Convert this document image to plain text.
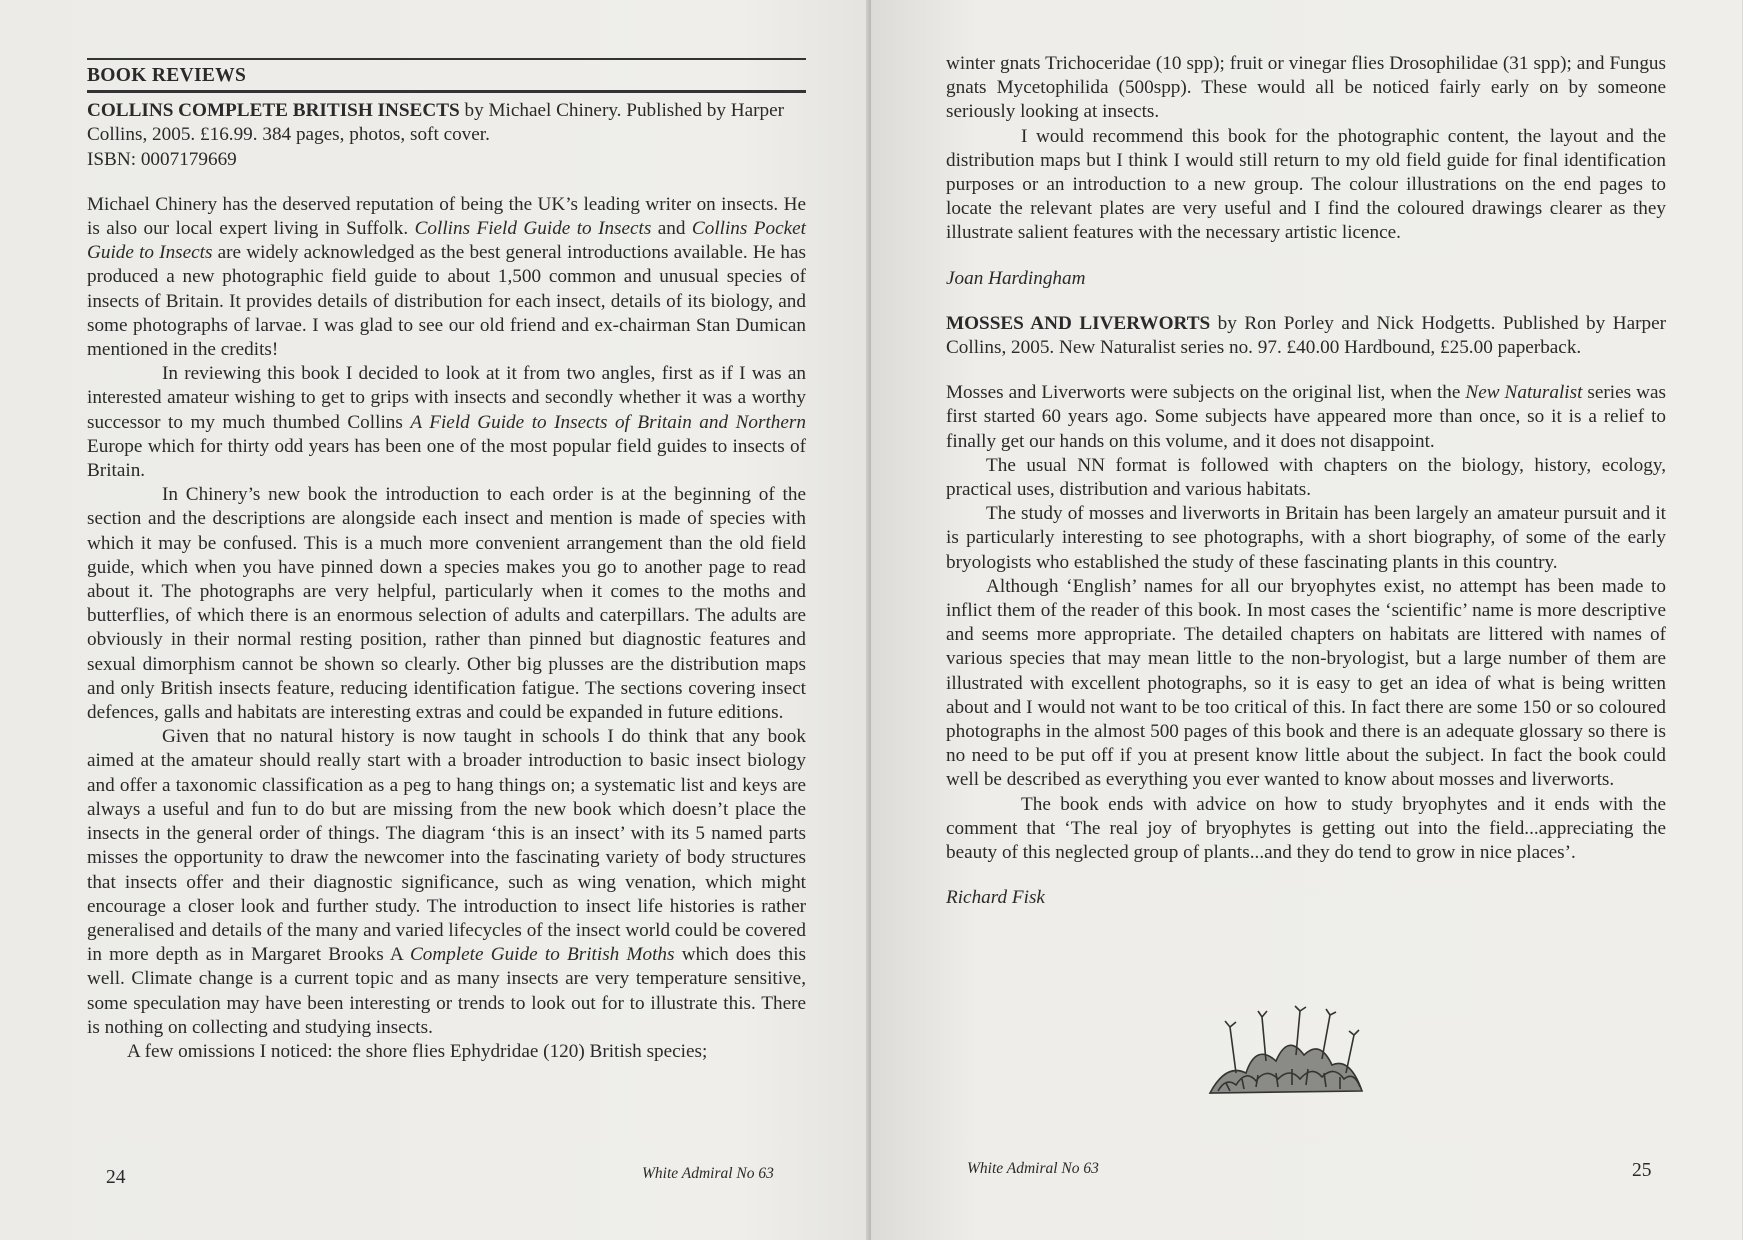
BOOK REVIEWS

COLLINS COMPLETE BRITISH INSECTS by Michael Chinery. Published by Harper Collins, 2005. £16.99. 384 pages, photos, soft cover.

ISBN: 0007179669

Michael Chinery has the deserved reputation of being the UK’s leading writer on insects. He is also our local expert living in Suffolk. Collins Field Guide to Insects and Collins Pocket Guide to Insects are widely acknowledged as the best general introductions available. He has produced a new photographic field guide to about 1,500 common and unusual species of insects of Britain. It provides details of distribution for each insect, details of its biology, and some photographs of larvae. I was glad to see our old friend and ex-chairman Stan Dumican mentioned in the credits!

In reviewing this book I decided to look at it from two angles, first as if I was an interested amateur wishing to get to grips with insects and secondly whether it was a worthy successor to my much thumbed Collins A Field Guide to Insects of Britain and Northern Europe which for thirty odd years has been one of the most popular field guides to insects of Britain.

In Chinery’s new book the introduction to each order is at the beginning of the section and the descriptions are alongside each insect and mention is made of species with which it may be confused. This is a much more convenient arrangement than the old field guide, which when you have pinned down a species makes you go to another page to read about it. The photographs are very helpful, particularly when it comes to the moths and butterflies, of which there is an enormous selection of adults and caterpillars. The adults are obviously in their normal resting position, rather than pinned but diagnostic features and sexual dimorphism cannot be shown so clearly. Other big plusses are the distribution maps and only British insects feature, reducing identification fatigue. The sections covering insect defences, galls and habitats are interesting extras and could be expanded in future editions.

Given that no natural history is now taught in schools I do think that any book aimed at the amateur should really start with a broader introduction to basic insect biology and offer a taxonomic classification as a peg to hang things on; a systematic list and keys are always a useful and fun to do but are missing from the new book which doesn’t place the insects in the general order of things. The diagram ‘this is an insect’ with its 5 named parts misses the opportunity to draw the newcomer into the fascinating variety of body structures that insects offer and their diagnostic significance, such as wing venation, which might encourage a closer look and further study. The introduction to insect life histories is rather generalised and details of the many and varied lifecycles of the insect world could be covered in more depth as in Margaret Brooks A Complete Guide to British Moths which does this well. Climate change is a current topic and as many insects are very temperature sensitive, some speculation may have been interesting or trends to look out for to illustrate this. There is nothing on collecting and studying insects.

A few omissions I noticed: the shore flies Ephydridae (120) British species;

24	White Admiral No 63

winter gnats Trichoceridae (10 spp); fruit or vinegar flies Drosophilidae (31 spp); and Fungus gnats Mycetophilida (500spp). These would all be noticed fairly early on by someone seriously looking at insects.

I would recommend this book for the photographic content, the layout and the distribution maps but I think I would still return to my old field guide for final identification purposes or an introduction to a new group. The colour illustrations on the end pages to locate the relevant plates are very useful and I find the coloured drawings clearer as they illustrate salient features with the necessary artistic licence.

Joan Hardingham

MOSSES AND LIVERWORTS by Ron Porley and Nick Hodgetts. Published by Harper Collins, 2005. New Naturalist series no. 97. £40.00 Hardbound, £25.00 paperback.

Mosses and Liverworts were subjects on the original list, when the New Naturalist series was first started 60 years ago. Some subjects have appeared more than once, so it is a relief to finally get our hands on this volume, and it does not disappoint.

The usual NN format is followed with chapters on the biology, history, ecology, practical uses, distribution and various habitats.

The study of mosses and liverworts in Britain has been largely an amateur pursuit and it is particularly interesting to see photographs, with a short biography, of some of the early bryologists who established the study of these fascinating plants in this country.

Although ‘English’ names for all our bryophytes exist, no attempt has been made to inflict them of the reader of this book. In most cases the ‘scientific’ name is more descriptive and seems more appropriate. The detailed chapters on habitats are littered with names of various species that may mean little to the non-bryologist, but a large number of them are illustrated with excellent photographs, so it is easy to get an idea of what is being written about and I would not want to be too critical of this. In fact there are some 150 or so coloured photographs in the almost 500 pages of this book and there is an adequate glossary so there is no need to be put off if you at present know little about the subject. In fact the book could well be described as everything you ever wanted to know about mosses and liverworts.

The book ends with advice on how to study bryophytes and it ends with the comment that ‘The real joy of bryophytes is getting out into the field...appreciating the beauty of this neglected group of plants...and they do tend to grow in nice places’.

Richard Fisk

White Admiral No 63	25
